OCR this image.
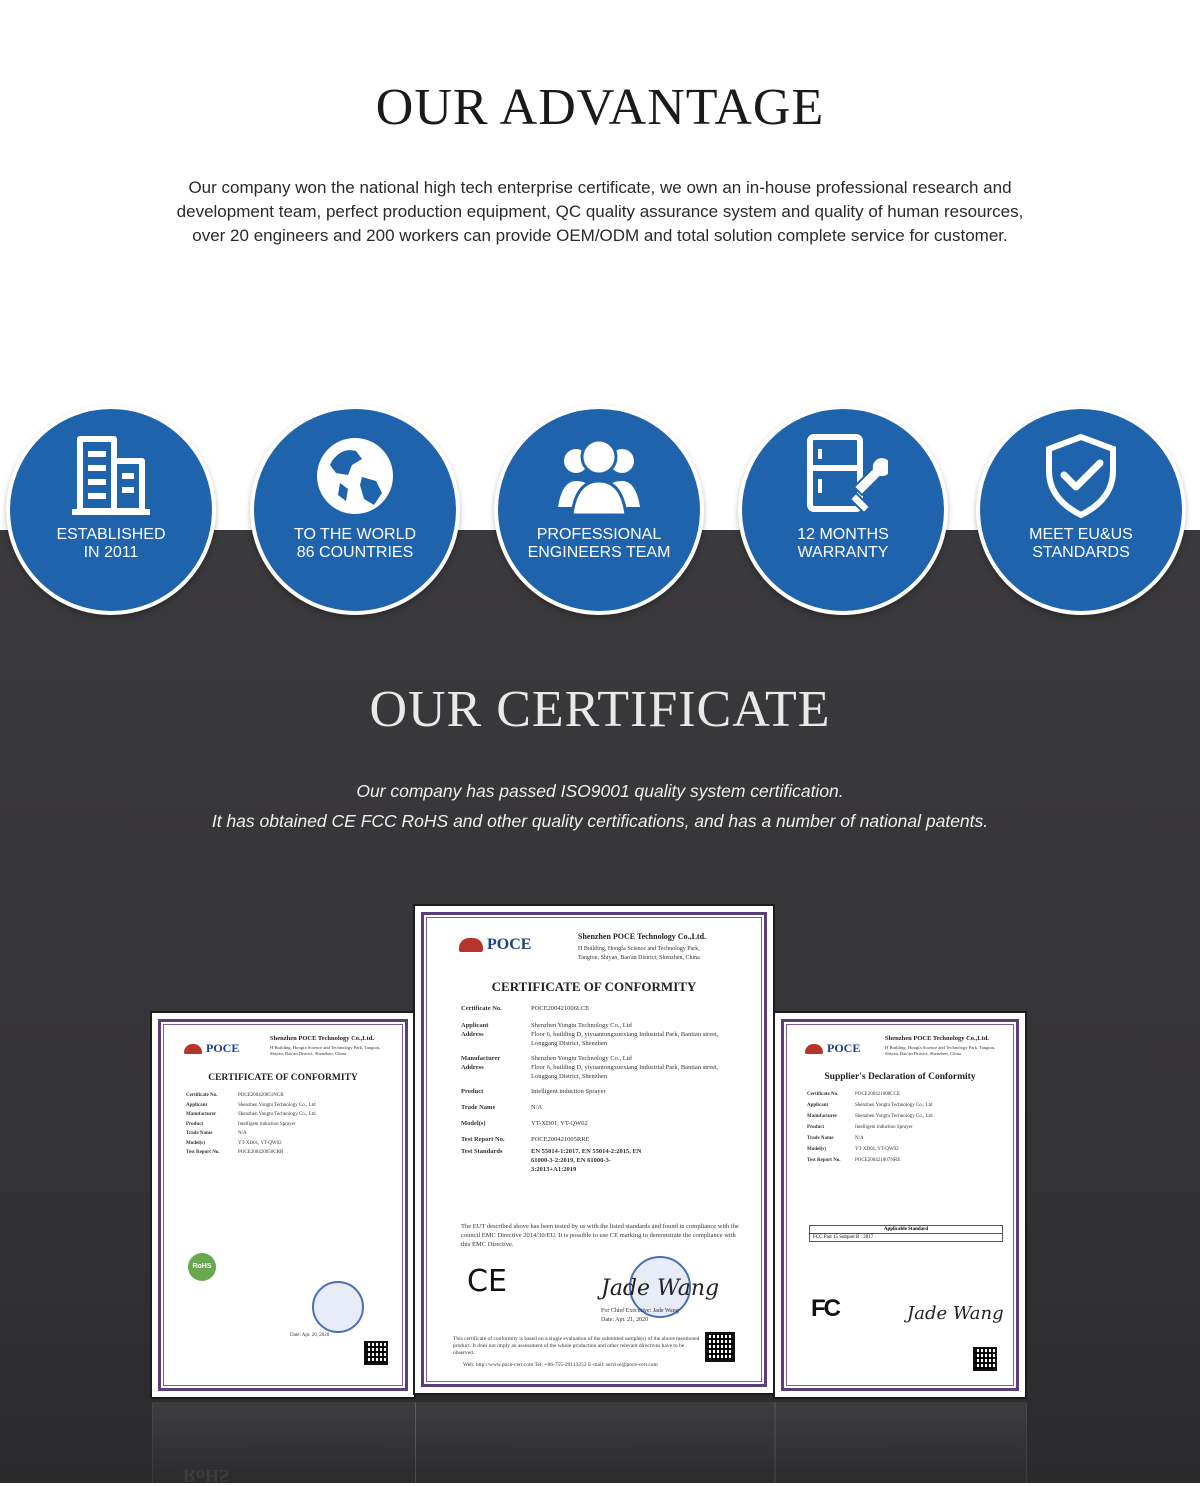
OUR ADVANTAGE

Our company won the national high tech enterprise certificate, we own an in-house professional research and

development team, perfect production equipment, QC quality assurance system and quality of human resources,

over 20 engineers and 200 workers can provide OEM/ODM and total solution complete service for customer.

ESTABLISHED
IN 2011
TO THE WORLD
86 COUNTRIES
PROFESSIONAL
ENGINEERS TEAM
12 MONTHS
WARRANTY
MEET EU&US
STANDARDS
OUR CERTIFICATE

Our company has passed ISO9001 quality system certification.

It has obtained CE FCC RoHS and other quality certifications, and has a number of national patents.

POCE
Shenzhen POCE Technology Co.,Ltd.
H Building, Hongfa Science and Technology Park, Tangtou, Shiyan, Bao'an District, Shenzhen, China
CERTIFICATE OF CONFORMITY
Certificate No.	POCE200420051NCR
Applicant	Shenzhen Yongtu Technology Co., Ltd
Manufacturer	Shenzhen Yongtu Technology Co., Ltd
Product	Intelligent induction Sprayer
Trade Name	N/A
Model(s)	YT-XD01, YT-QW02
Test Report No.	POCE200420050CRR
RoHS
Date: Apr. 20, 2020
POCE	Shenzhen POCE Technology Co.,Ltd.
H Building, Hongfa Science and Technology Park,
Tangtou, Shiyan, Bao'an District, Shenzhen, China
CERTIFICATE OF CONFORMITY
Certificate No.	POCE200421006LCE
Applicant	Shenzhen Yongtu Technology Co., Ltd
Address	Floor 6, building D, yiyuantongxuexiang Industrial Park, Bantian street, Longgang District, Shenzhen
Manufacturer	Shenzhen Yongtu Technology Co., Ltd
Address	Floor 6, building D, yiyuantongxuexiang Industrial Park, Bantian street, Longgang District, Shenzhen
Product	Intelligent induction Sprayer
Trade Name	N/A
Model(s)	YT-XD01, YT-QW02
Test Report No.	POCE200421005RRE
Test Standards	EN 55014-1:2017, EN 55014-2:2015, EN 61000-3-2:2019, EN 61000-3-3:2013+A1:2019
The EUT described above has been tested by us with the listed standards and found in compliance with the council EMC Directive 2014/30/EU. It is possible to use CE marking to demonstrate the compliance with this EMC Directive.
CE	Jade Wang
For Chief Executive: Jade Wang
Date: Apr. 21, 2020
This certificate of conformity is based on a single evaluation of the submitted sample(s) of the above mentioned product. It does not imply an assessment of the whole production and other relevant directives have to be observed.
Web: http://www.poce-cert.com Tel: +86-755-29113252 E-mail: service@poce-cert.com
POCE
Shenzhen POCE Technology Co.,Ltd.
H Building, Hongfa Science and Technology Park, Tangtou, Shiyan, Bao'an District, Shenzhen, China
Supplier's Declaration of Conformity
Certificate No.	POCE200421008CCE
Applicant	Shenzhen Yongtu Technology Co., Ltd
Manufacturer	Shenzhen Yongtu Technology Co., Ltd
Product	Intelligent induction Sprayer
Trade Name	N/A
Model(s)	YT-XD01, YT-QW02
Test Report No.	POCE200421007NRE
Applicable Standard
FCC Part 15 Subpart B : 2017
FC	Jade Wang
RoHS
